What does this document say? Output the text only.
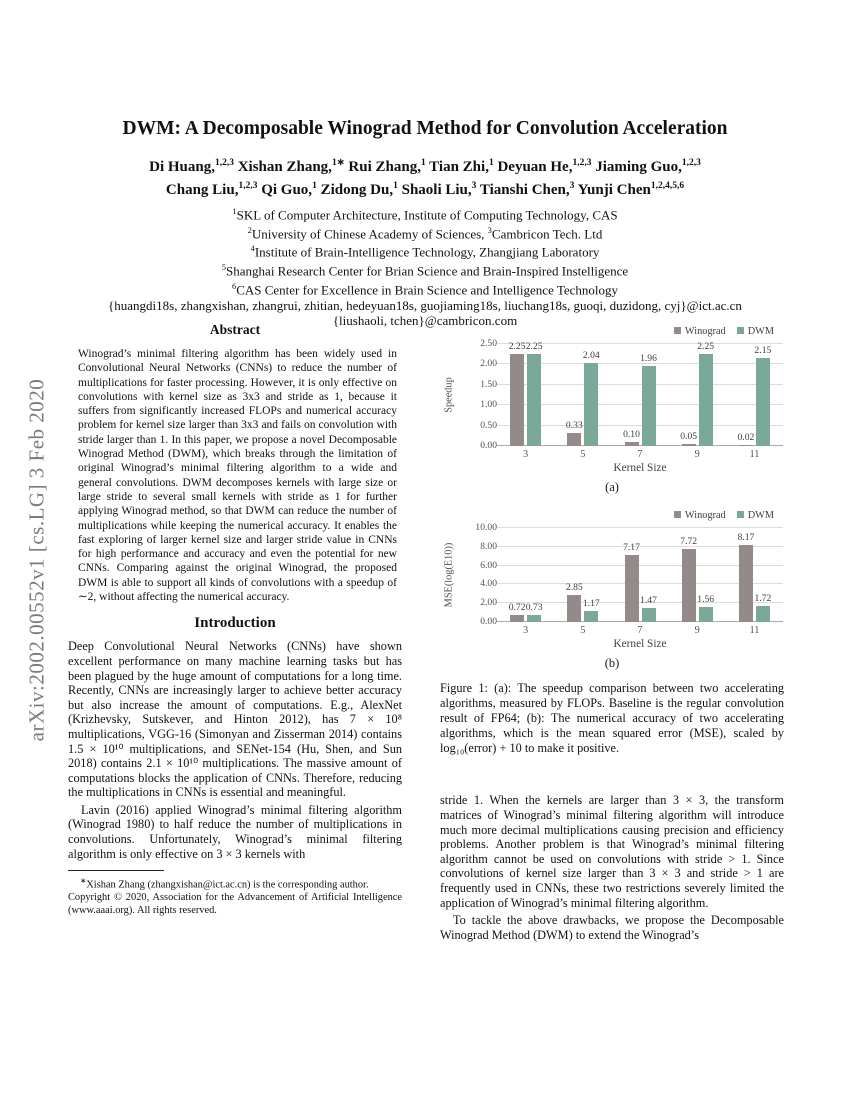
arXiv:2002.00552v1 [cs.LG] 3 Feb 2020
DWM: A Decomposable Winograd Method for Convolution Acceleration
Di Huang,$^{1,2,3}$ Xishan Zhang,$^{1∗}$ Rui Zhang,$^1$ Tian Zhi,$^1$ Deyuan He,$^{1,2,3}$ Jiaming Guo,$^{1,2,3}$
Chang Liu,$^{1,2,3}$ Qi Guo,$^1$ Zidong Du,$^1$ Shaoli Liu,$^3$ Tianshi Chen,$^3$ Yunji Chen$^{1,2,4,5,6}$
$^1$SKL of Computer Architecture, Institute of Computing Technology, CAS
$^2$University of Chinese Academy of Sciences, $^3$Cambricon Tech. Ltd
$^4$Institute of Brain-Intelligence Technology, Zhangjiang Laboratory
$^5$Shanghai Research Center for Brian Science and Brain-Inspired Instelligence
$^6$CAS Center for Excellence in Brain Science and Intelligence Technology
{huangdi18s, zhangxishan, zhangrui, zhitian, hedeyuan18s, guojiaming18s, liuchang18s, guoqi, duzidong, cyj}@ict.ac.cn
{liushaoli, tchen}@cambricon.com
Abstract
Winograd’s minimal filtering algorithm has been widely used in Convolutional Neural Networks (CNNs) to reduce the number of multiplications for faster processing. However, it is only effective on convolutions with kernel size as 3x3 and stride as 1, because it suffers from significantly increased FLOPs and numerical accuracy problem for kernel size larger than 3x3 and fails on convolution with stride larger than 1. In this paper, we propose a novel Decomposable Winograd Method (DWM), which breaks through the limitation of original Winograd’s minimal filtering algorithm to a wide and general convolutions. DWM decomposes kernels with large size or large stride to several small kernels with stride as 1 for further applying Winograd method, so that DWM can reduce the number of multiplications while keeping the numerical accuracy. It enables the fast exploring of larger kernel size and larger stride value in CNNs for high performance and accuracy and even the potential for new CNNs. Comparing against the original Winograd, the proposed DWM is able to support all kinds of convolutions with a speedup of ∼2, without affecting the numerical accuracy.
Introduction
Deep Convolutional Neural Networks (CNNs) have shown excellent performance on many machine learning tasks but has been plagued by the huge amount of computations for a long time. Recently, CNNs are increasingly larger to achieve better accuracy but also increase the amount of computations. E.g., AlexNet (Krizhevsky, Sutskever, and Hinton 2012), has 7 × 10⁸ multiplications, VGG-16 (Simonyan and Zisserman 2014) contains 1.5 × 10¹⁰ multiplications, and SENet-154 (Hu, Shen, and Sun 2018) contains 2.1 × 10¹⁰ multiplications. The massive amount of computations blocks the application of CNNs. Therefore, reducing the multiplications in CNNs is essential and meaningful.
Lavin (2016) applied Winograd’s minimal filtering algorithm (Winograd 1980) to half reduce the number of multiplications in convolutions. Unfortunately, Winograd’s minimal filtering algorithm is only effective on 3 × 3 kernels with
∗Xishan Zhang (zhangxishan@ict.ac.cn) is the corresponding author.
Copyright © 2020, Association for the Advancement of Artificial Intelligence (www.aaai.org). All rights reserved.
Winograd DWM
Speedup
0.00
0.50
1.00
1.50
2.00
2.50 2.25 2.25
0.33
2.04
0.10
1.96
0.05
2.25
0.02
2.15
3	5	7	9	11
Kernel Size
(a)
Winograd DWM
MSE(log(E10))
0.00
2.00
4.00
6.00
8.00
10.00
0.72 0.73
2.85
1.17
7.17
1.47
7.72
1.56
8.17
1.72
3	5	7	9	11
Kernel Size
(b)
Figure 1: (a): The speedup comparison between two accelerating algorithms, measured by FLOPs. Baseline is the regular convolution result of FP64; (b): The numerical accuracy of two accelerating algorithms, which is the mean squared error (MSE), scaled by log₁₀(error) + 10 to make it positive.
stride 1. When the kernels are larger than 3 × 3, the transform matrices of Winograd’s minimal filtering algorithm will introduce much more decimal multiplications causing precision and efficiency problems. Another problem is that Winograd’s minimal filtering algorithm cannot be used on convolutions with stride > 1. Since convolutions of kernel size larger than 3 × 3 and stride > 1 are frequently used in CNNs, these two restrictions severely limited the application of Winograd’s minimal filtering algorithm.
To tackle the above drawbacks, we propose the Decomposable Winograd Method (DWM) to extend the Winograd’s
